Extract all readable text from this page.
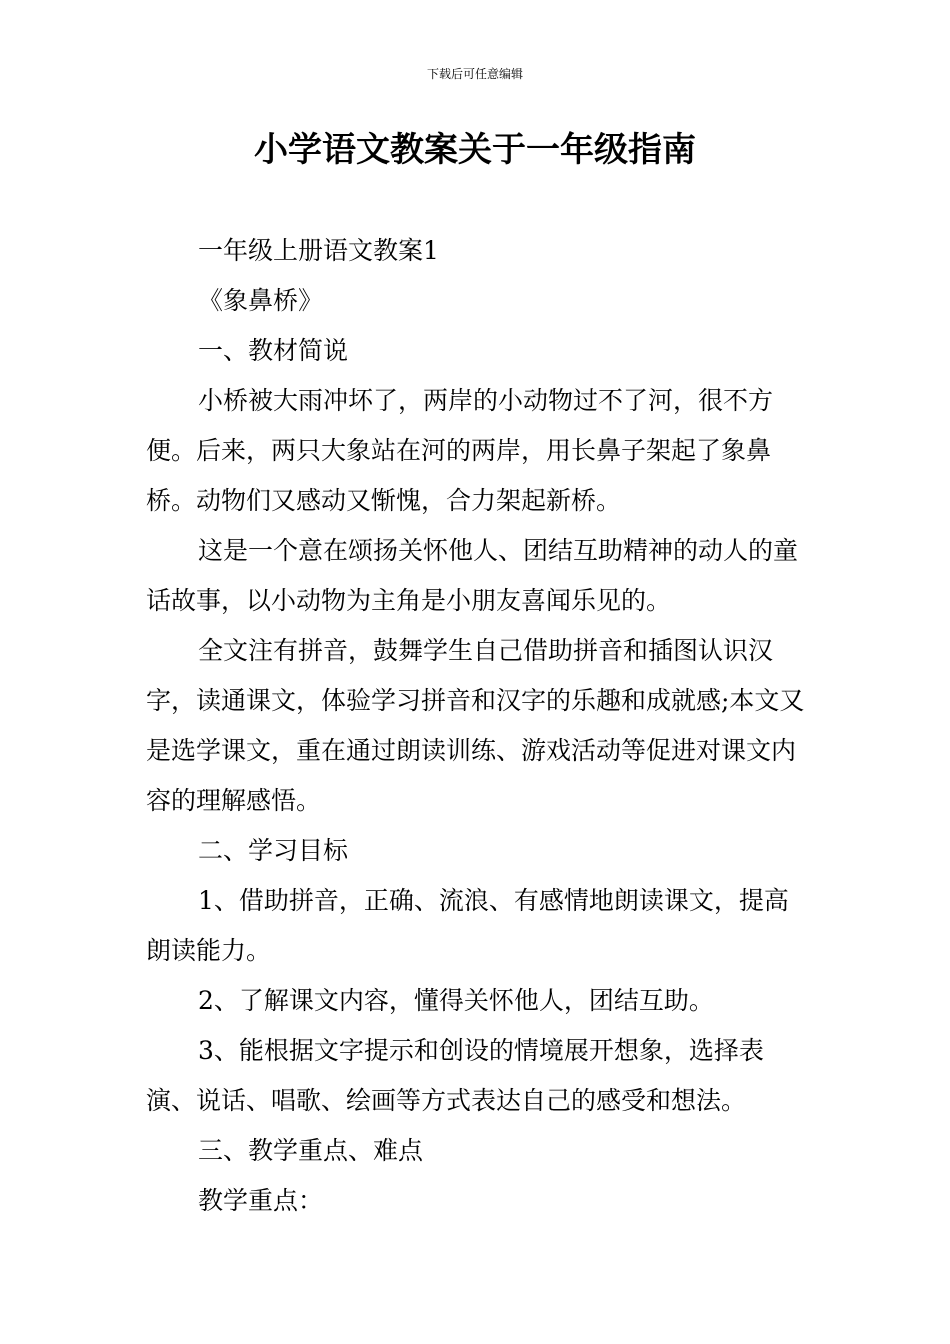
下载后可任意编辑
小学语文教案关于一年级指南

一年级上册语文教案1

《象鼻桥》

一、教材简说

小桥被大雨冲坏了，两岸的小动物过不了河，很不方便。后来，两只大象站在河的两岸，用长鼻子架起了象鼻桥。动物们又感动又惭愧，合力架起新桥。

这是一个意在颂扬关怀他人、团结互助精神的动人的童话故事，以小动物为主角是小朋友喜闻乐见的。

全文注有拼音，鼓舞学生自己借助拼音和插图认识汉字，读通课文，体验学习拼音和汉字的乐趣和成就感;本文又是选学课文，重在通过朗读训练、游戏活动等促进对课文内容的理解感悟。

二、学习目标

1、借助拼音，正确、流浪、有感情地朗读课文，提高朗读能力。

2、了解课文内容，懂得关怀他人，团结互助。

3、能根据文字提示和创设的情境展开想象，选择表演、说话、唱歌、绘画等方式表达自己的感受和想法。

三、教学重点、难点

教学重点：
